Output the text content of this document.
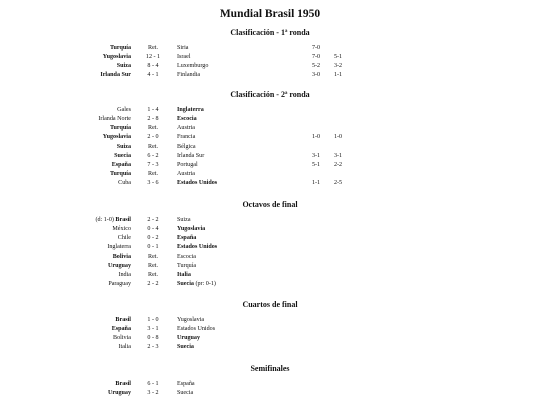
Mundial Brasil 1950
Clasificación - 1ª ronda
Turquía	Ret.	Siria	7-0
Yugoslavia 12 - 1	Israel	7-0	5-1
Suiza	8 - 4	Luxemburgo	5-2	3-2
Irlanda Sur	4 - 1	Finlandia	3-0	1-1
Clasificación - 2ª ronda
Gales	1 - 4	Inglaterra
Irlanda Norte	2 - 8	Escocia
Turquía	Ret.	Austria
Yugoslavia	2 - 0	Francia	1-0	1-0
Suiza	Ret.	Bélgica
Suecia	6 - 2	Irlanda Sur	3-1	3-1
España	7 - 3	Portugal	5-1	2-2
Turquía	Ret.	Austria
Cuba	3 - 6	Estados Unidos	1-1	2-5
Octavos de final
(d: 1-0) Brasil	2 - 2	Suiza
México	0 - 4	Yugoslavia
Chile	0 - 2	España
Inglaterra	0 - 1	Estados Unidos
Bolivia	Ret.	Escocia
Uruguay	Ret.	Turquía
India	Ret.	Italia
Paraguay	2 - 2	Suecia (pr: 0-1)
Cuartos de final
Brasil	1 - 0	Yugoslavia
España	3 - 1	Estados Unidos
Bolivia	0 - 8	Uruguay
Italia	2 - 3	Suecia
Semifinales
Brasil	6 - 1	España
Uruguay	3 - 2	Suecia
